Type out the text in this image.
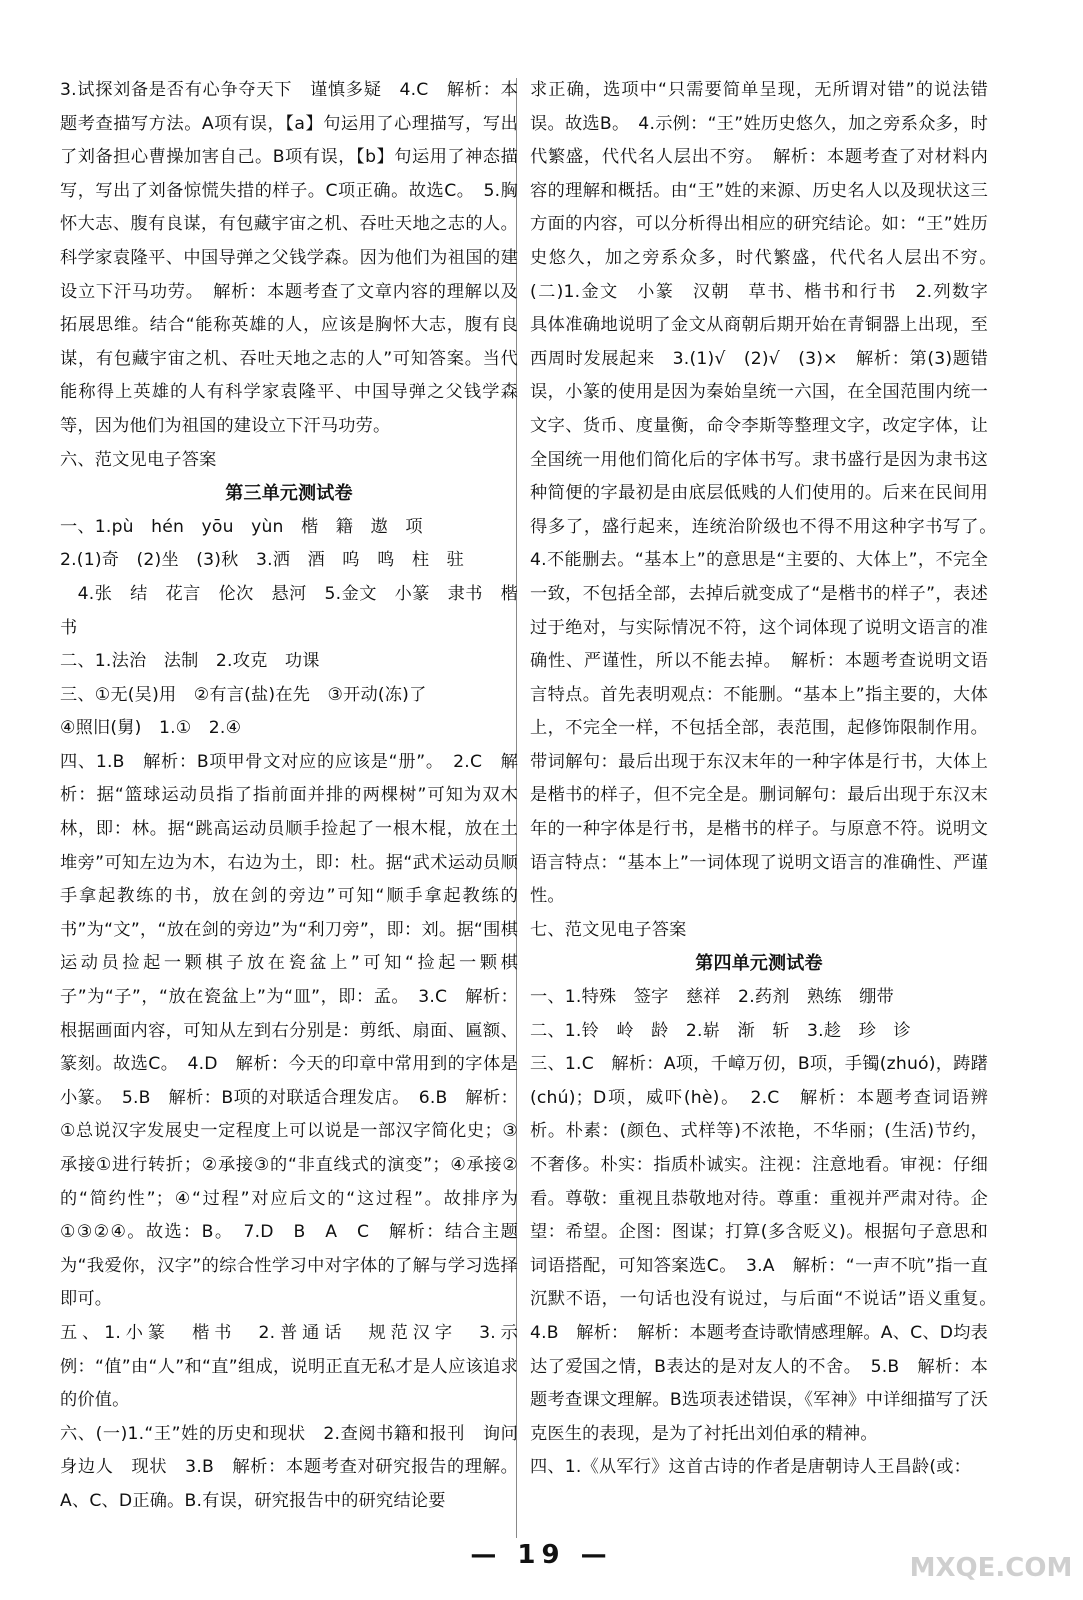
3.试探刘备是否有心争夺天下　谨慎多疑　4.C　解析：本题考查描写方法。A项有误，【a】句运用了心理描写，写出了刘备担心曹操加害自己。B项有误，【b】句运用了神态描写，写出了刘备惊慌失措的样子。C项正确。故选C。　5.胸怀大志、腹有良谋，有包藏宇宙之机、吞吐天地之志的人。科学家袁隆平、中国导弹之父钱学森。因为他们为祖国的建设立下汗马功劳。　解析：本题考查了文章内容的理解以及拓展思维。结合“能称英雄的人，应该是胸怀大志，腹有良谋，有包藏宇宙之机、吞吐天地之志的人”可知答案。当代能称得上英雄的人有科学家袁隆平、中国导弹之父钱学森等，因为他们为祖国的建设立下汗马功劳。

六、范文见电子答案

第三单元测试卷

一、1.pù　hén　yōu　yùn　楷　籍　遨　项

2.(1)奇　(2)坐　(3)秋　3.洒　酒　呜　鸣　柱　驻

　4.张　结　花言　伦次　悬河　5.金文　小篆　隶书　楷书

二、1.法治　法制　2.攻克　功课

三、①无(吴)用　②有言(盐)在先　③开动(冻)了

④照旧(舅)　1.①　2.④

四、1.B　解析：B项甲骨文对应的应该是“册”。　2.C　解析：据“篮球运动员指了指前面并排的两棵树”可知为双木林，即：林。据“跳高运动员顺手捡起了一根木棍，放在土堆旁”可知左边为木，右边为土，即：杜。据“武术运动员顺手拿起教练的书，放在剑的旁边”可知“顺手拿起教练的书”为“文”，“放在剑的旁边”为“利刀旁”，即：刘。据“围棋运动员捡起一颗棋子放在瓷盆上”可知“捡起一颗棋子”为“子”，“放在瓷盆上”为“皿”，即：孟。　3.C　解析：根据画面内容，可知从左到右分别是：剪纸、扇面、匾额、篆刻。故选C。　4.D　解析：今天的印章中常用到的字体是小篆。　5.B　解析：B项的对联适合理发店。　6.B　解析：①总说汉字发展史一定程度上可以说是一部汉字简化史；③承接①进行转折；②承接③的“非直线式的演变”；④承接②的“简约性”；④“过程”对应后文的“这过程”。故排序为①③②④。故选：B。　7.D　B　A　C　解析：结合主题为“我爱你，汉字”的综合性学习中对字体的了解与学习选择即可。

五、1.小篆　楷书　2.普通话　规范汉字　3.示例：“值”由“人”和“直”组成，说明正直无私才是人应该追求的价值。

六、(一)1.“王”姓的历史和现状　2.查阅书籍和报刊　询问身边人　现状　3.B　解析：本题考查对研究报告的理解。A、C、D正确。B.有误，研究报告中的研究结论要

求正确，选项中“只需要简单呈现，无所谓对错”的说法错误。故选B。　4.示例：“王”姓历史悠久，加之旁系众多，时代繁盛，代代名人层出不穷。　解析：本题考查了对材料内容的理解和概括。由“王”姓的来源、历史名人以及现状这三方面的内容，可以分析得出相应的研究结论。如：“王”姓历史悠久，加之旁系众多，时代繁盛，代代名人层出不穷。　(二)1.金文　小篆　汉朝　草书、楷书和行书　2.列数字　具体准确地说明了金文从商朝后期开始在青铜器上出现，至西周时发展起来　3.(1)√　(2)√　(3)×　解析：第(3)题错误，小篆的使用是因为秦始皇统一六国，在全国范围内统一文字、货币、度量衡，命令李斯等整理文字，改定字体，让全国统一用他们简化后的字体书写。隶书盛行是因为隶书这种简便的字最初是由底层低贱的人们使用的。后来在民间用得多了，盛行起来，连统治阶级也不得不用这种字书写了。　4.不能删去。“基本上”的意思是“主要的、大体上”，不完全一致，不包括全部，去掉后就变成了“是楷书的样子”，表述过于绝对，与实际情况不符，这个词体现了说明文语言的准确性、严谨性，所以不能去掉。　解析：本题考查说明文语言特点。首先表明观点：不能删。“基本上”指主要的，大体上，不完全一样，不包括全部，表范围，起修饰限制作用。带词解句：最后出现于东汉末年的一种字体是行书，大体上是楷书的样子，但不完全是。删词解句：最后出现于东汉末年的一种字体是行书，是楷书的样子。与原意不符。说明文语言特点：“基本上”一词体现了说明文语言的准确性、严谨性。

七、范文见电子答案

第四单元测试卷

一、1.特殊　签字　慈祥　2.药剂　熟练　绷带

二、1.铃　岭　龄　2.崭　渐　斩　3.趁　珍　诊

三、1.C　解析：A项，千嶂万仞，B项，手镯(zhuó)，踌躇(chú)；D项，威吓(hè)。　2.C　解析：本题考查词语辨析。朴素：(颜色、式样等)不浓艳，不华丽；(生活)节约，不奢侈。朴实：指质朴诚实。注视：注意地看。审视：仔细看。尊敬：重视且恭敬地对待。尊重：重视并严肃对待。企望：希望。企图：图谋；打算(多含贬义)。根据句子意思和词语搭配，可知答案选C。　3.A　解析：“一声不吭”指一直沉默不语，一句话也没有说过，与后面“不说话”语义重复。　4.B　解析：　解析：本题考查诗歌情感理解。A、C、D均表达了爱国之情，B表达的是对友人的不舍。　5.B　解析：本题考查课文理解。B选项表述错误，《军神》中详细描写了沃克医生的表现，是为了衬托出刘伯承的精神。

四、1.《从军行》这首古诗的作者是唐朝诗人王昌龄(或：

— 19 —	MXQE.COM
